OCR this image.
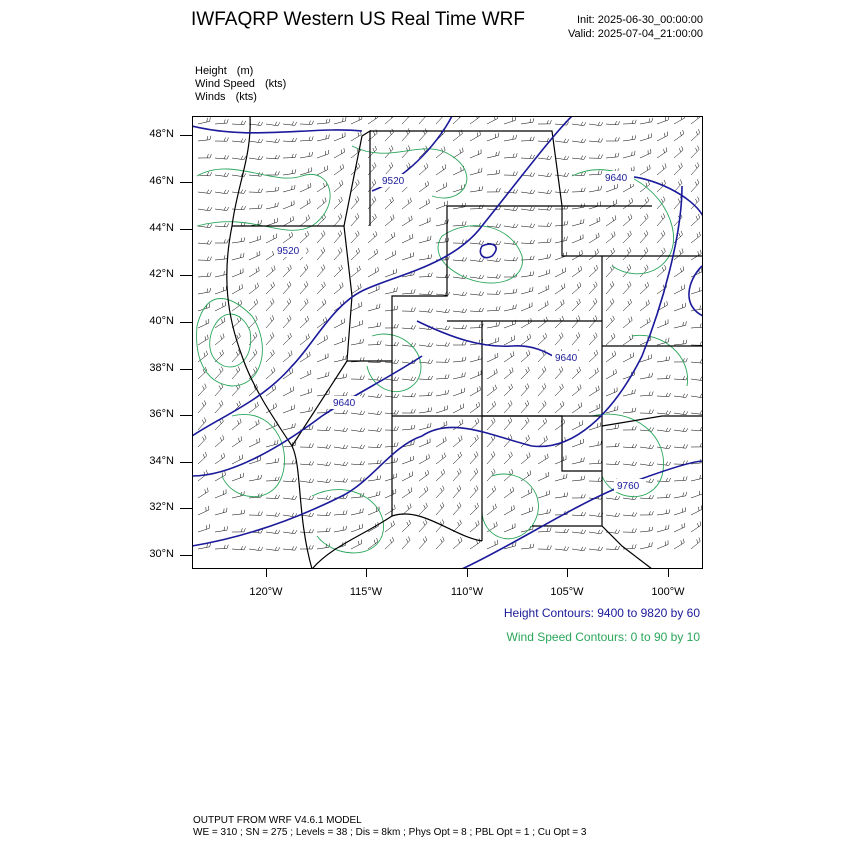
IWFAQRP Western US Real Time WRF	Init: 2025-06-30_00:00:00
Valid: 2025-07-04_21:00:00
Height (m)
Wind Speed (kts)
Winds (kts)
9520	9640
9520
9640
9640
9760
48°N
46°N
44°N
42°N
40°N
38°N
36°N
34°N
32°N
30°N
120°W	115°W	110°W	105°W	100°W
Height Contours: 9400 to 9820 by 60
Wind Speed Contours: 0 to 90 by 10
OUTPUT FROM WRF V4.6.1 MODEL
WE = 310 ; SN = 275 ; Levels = 38 ; Dis = 8km ; Phys Opt = 8 ; PBL Opt = 1 ; Cu Opt = 3
